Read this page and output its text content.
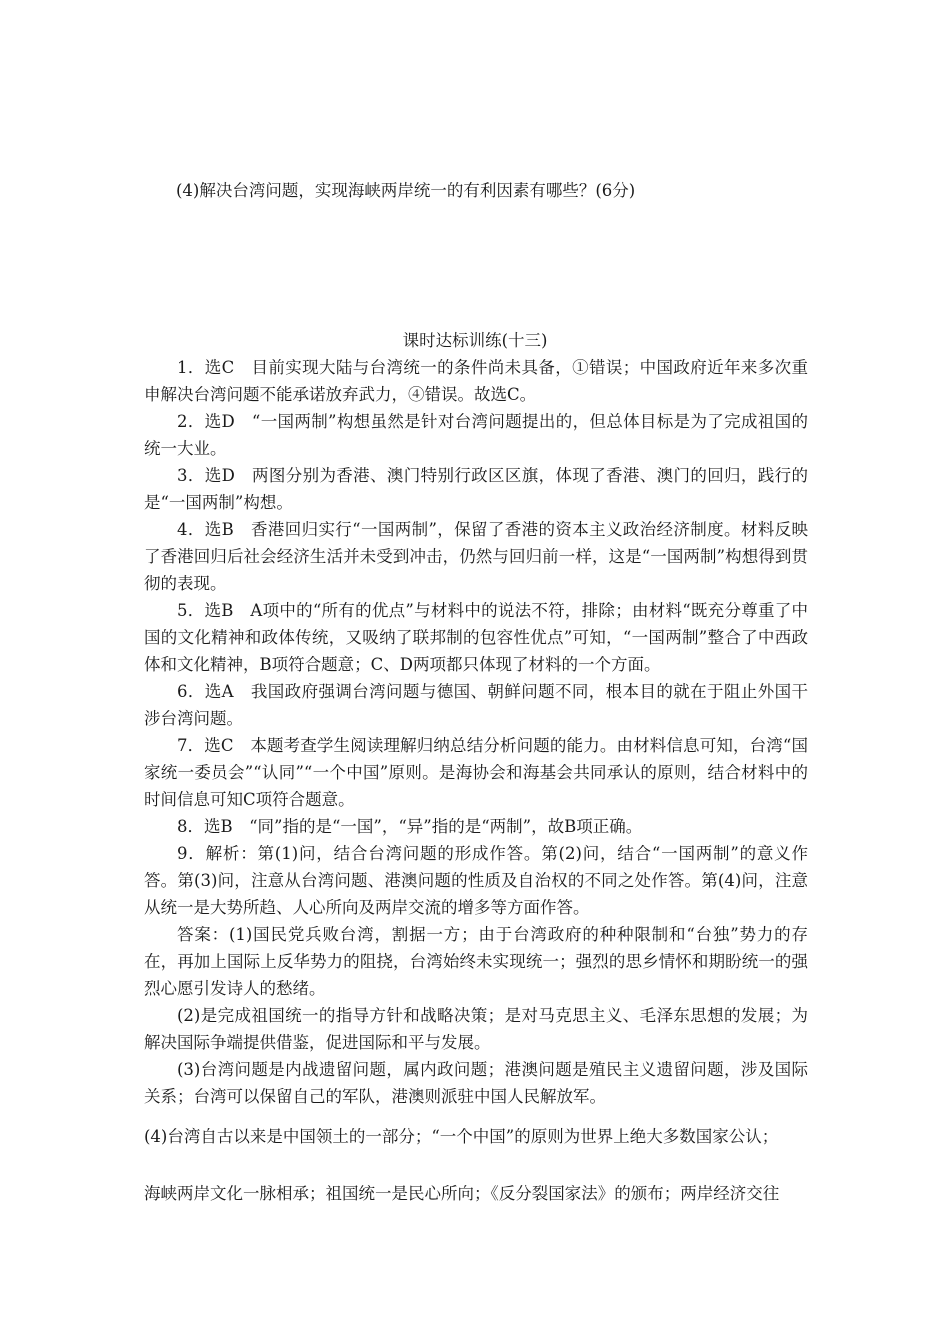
(4)解决台湾问题，实现海峡两岸统一的有利因素有哪些？(6分)
课时达标训练(十三)

1．选C　目前实现大陆与台湾统一的条件尚未具备，①错误；中国政府近年来多次重申解决台湾问题不能承诺放弃武力，④错误。故选C。

2．选D　“一国两制”构想虽然是针对台湾问题提出的，但总体目标是为了完成祖国的统一大业。

3．选D　两图分别为香港、澳门特别行政区区旗，体现了香港、澳门的回归，践行的是“一国两制”构想。

4．选B　香港回归实行“一国两制”，保留了香港的资本主义政治经济制度。材料反映了香港回归后社会经济生活并未受到冲击，仍然与回归前一样，这是“一国两制”构想得到贯彻的表现。

5．选B　A项中的“所有的优点”与材料中的说法不符，排除；由材料“既充分尊重了中国的文化精神和政体传统，又吸纳了联邦制的包容性优点”可知，“一国两制”整合了中西政体和文化精神，B项符合题意；C、D两项都只体现了材料的一个方面。

6．选A　我国政府强调台湾问题与德国、朝鲜问题不同，根本目的就在于阻止外国干涉台湾问题。

7．选C　本题考查学生阅读理解归纳总结分析问题的能力。由材料信息可知，台湾“国家统一委员会”“认同”“一个中国”原则。是海协会和海基会共同承认的原则，结合材料中的时间信息可知C项符合题意。

8．选B　“同”指的是“一国”，“异”指的是“两制”，故B项正确。

9．解析：第(1)问，结合台湾问题的形成作答。第(2)问，结合“一国两制”的意义作答。第(3)问，注意从台湾问题、港澳问题的性质及自治权的不同之处作答。第(4)问，注意从统一是大势所趋、人心所向及两岸交流的增多等方面作答。

答案：(1)国民党兵败台湾，割据一方；由于台湾政府的种种限制和“台独”势力的存在，再加上国际上反华势力的阻挠，台湾始终未实现统一；强烈的思乡情怀和期盼统一的强烈心愿引发诗人的愁绪。

(2)是完成祖国统一的指导方针和战略决策；是对马克思主义、毛泽东思想的发展；为解决国际争端提供借鉴，促进国际和平与发展。

(3)台湾问题是内战遗留问题，属内政问题；港澳问题是殖民主义遗留问题，涉及国际关系；台湾可以保留自己的军队，港澳则派驻中国人民解放军。

(4)台湾自古以来是中国领土的一部分；“一个中国”的原则为世界上绝大多数国家公认；
海峡两岸文化一脉相承；祖国统一是民心所向；《反分裂国家法》的颁布；两岸经济交往
